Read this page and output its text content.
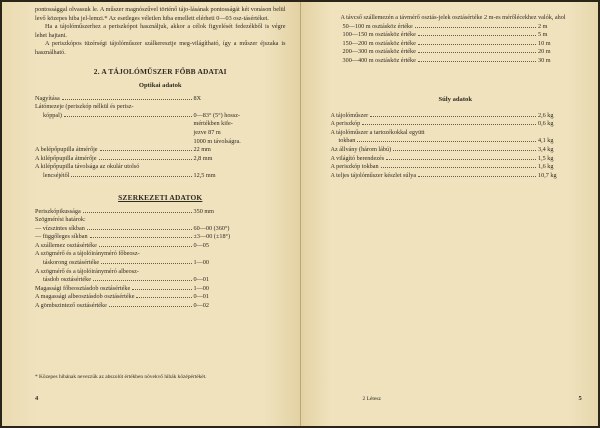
pontossággal olvassuk le. A műszer magnószűvel történő tájo-lásának pontosságát két vonáson belül levő közepes hiba jel-lemzi.* Az esetleges véletlen hiba emellett elérheti 0—03 osz-tásértéket.

Ha a tájolóműszerhez a periszkópot használjuk, akkor a célok figyelését fedezékből is végre lehet hajtani.

A periszkópos tüzérségi tájolóműszer szálkeresztje meg-világítható, így a műszer éjszaka is használható.

2. A TÁJOLÓMŰSZER FŐBB ADATAI
Optikai adatok
Nagyítása	8X
Látómezeje (periszkóp nélkül és perisz-
kóppal)	0—83° (5°) hossz-
mértékben kife-
jezve 87 m
1000 m távolságra.
A belépőpupilla átmérője	22 mm
A kilépőpupilla átmérője	2,8 mm
A kilépőpupilla távolsága az okulár utolsó
lencséjétől	12,5 mm
SZERKEZETI ADATOK
Periszkópikussága	350 mm
Szögmérési határok:
— vízszintes síkban	60—00 (360°)
— függőleges síkban	±3—00 (±18°)
A szállemez osztásértéke	0—05
A szögmérő és a tájolóirányméró főbeosz-
táskorong osztásértéke	1—00
A szögmérő és a tájolóirányméró albeosz-
tásdob osztásértéke	0—01
Magassági főbeosztásdob osztásértéke	1—00
A magassági albeosztásdob osztásértéke	0—01
A gömbszintező osztásértéke	0—02
* Közepes hibának nevezzük az abszolút értékben növekvő hibák középértékét.
4

A távcső szállemezén a távmérő osztás-jelek osztásértéke 2 m-es mérőlécekhez valók, ahol

50—100 m osztásköz értéke	2 m
100—150 m osztásköz értéke	5 m
150—200 m osztásköz értéke	10 m
200—300 m osztásköz értéke	20 m
300—400 m osztásköz értéke	30 m
Súly adatok
A tájolóműszer	2,6 kg
A periszkóp	0,6 kg
A tájolóműszer a tartozékokkal együtt
tokban	4,1 kg
Az állvány (három lábú)	3,4 kg
A világító berendezés	1,5 kg
A periszkóp tokban	1,6 kg
A teljes tájolóműszer készlet súlya	10,7 kg
2 Létesz	5
